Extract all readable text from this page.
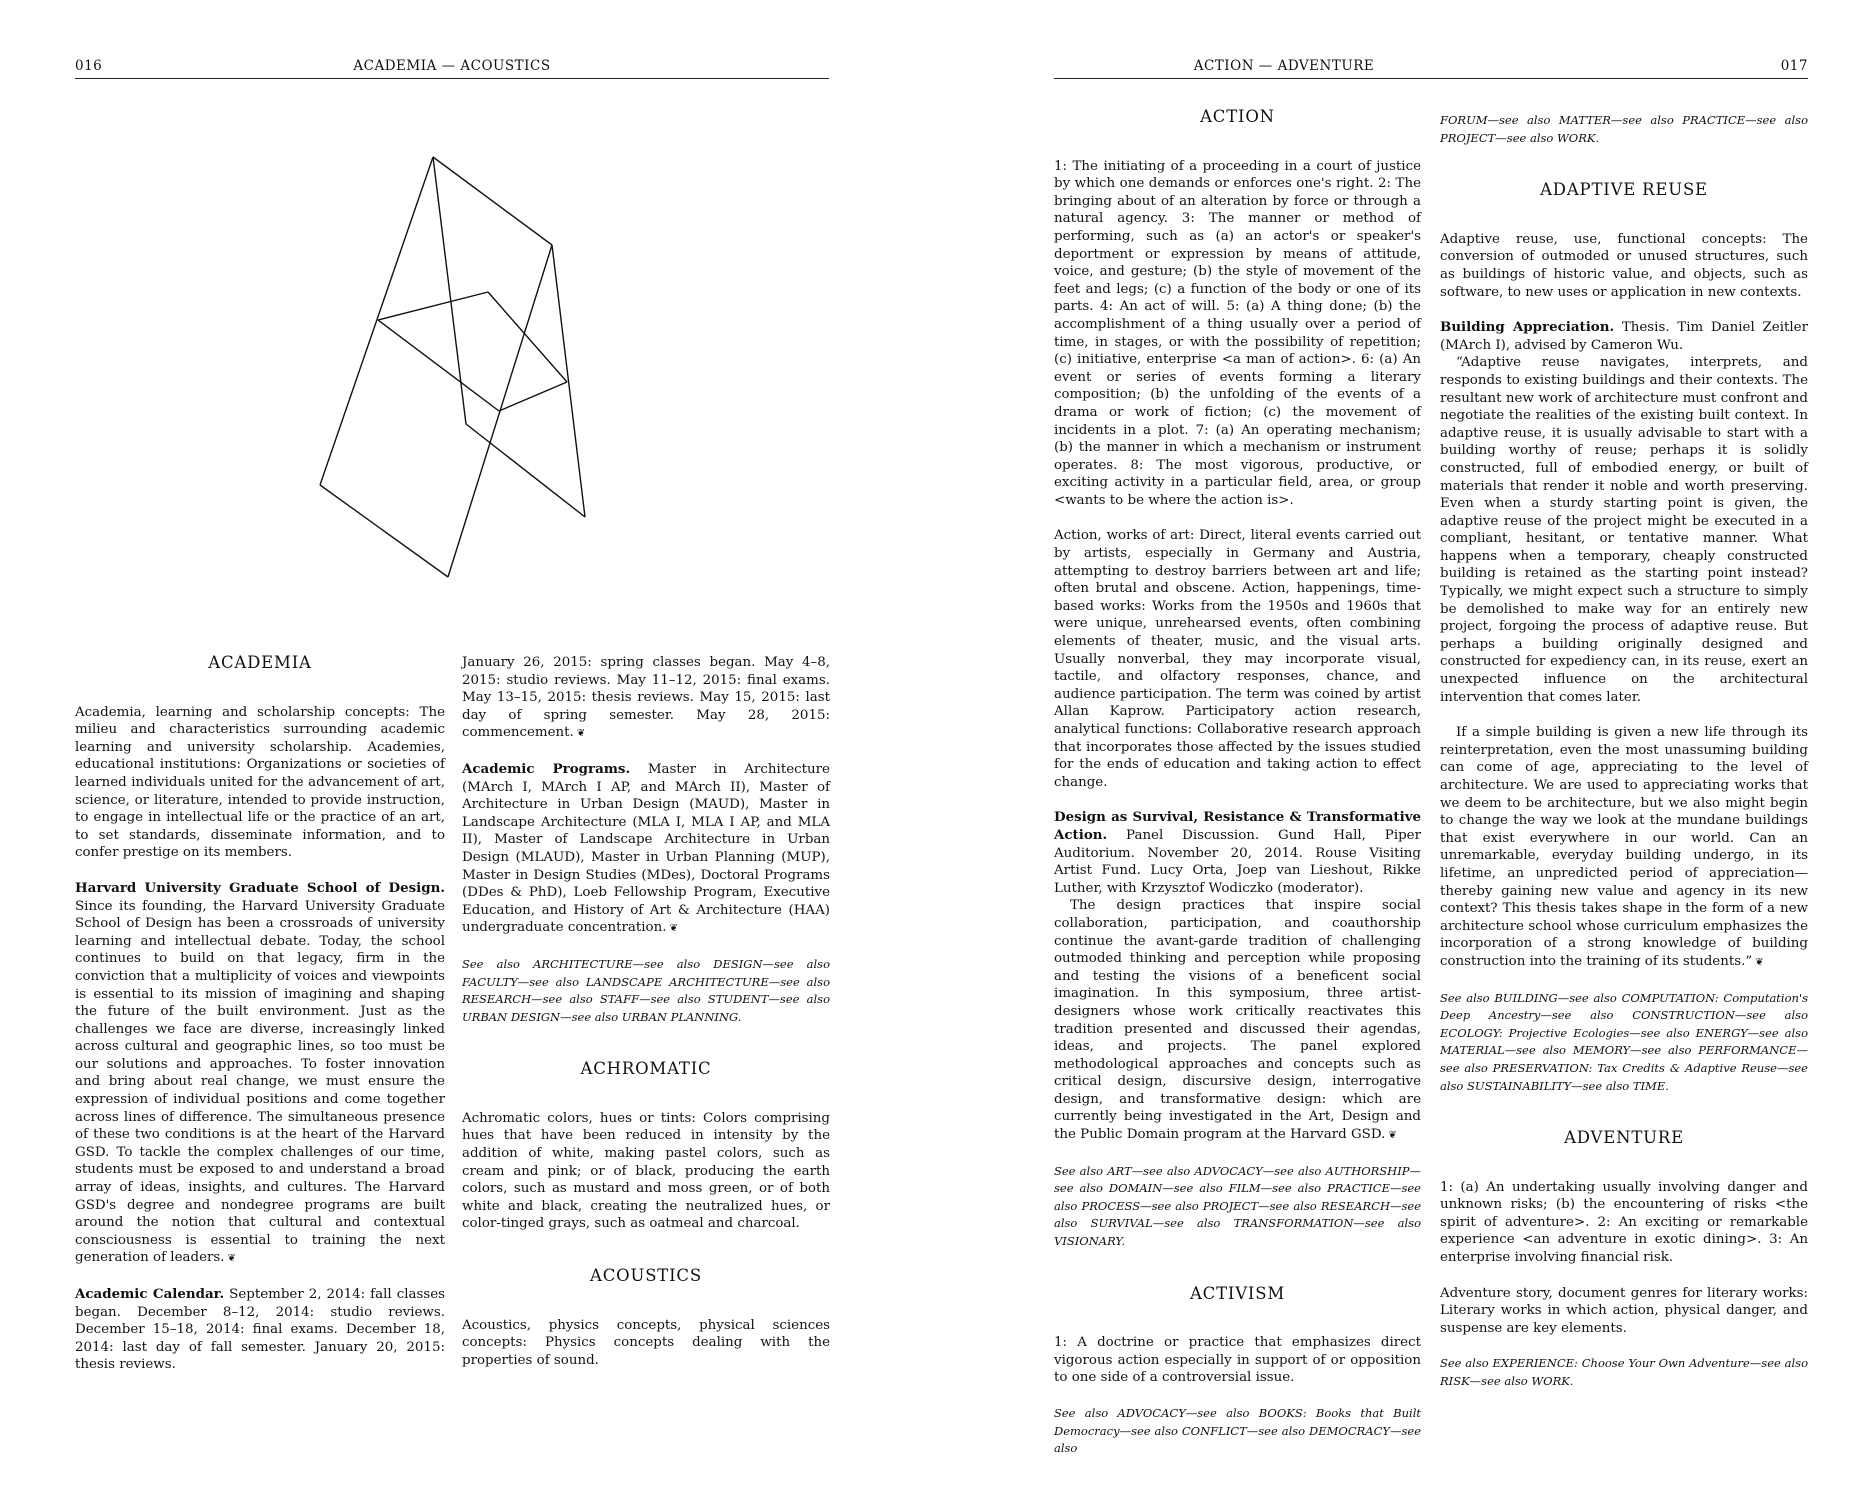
016	ACADEMIA — ACOUSTICS
ACADEMIA

Academia, learning and scholarship concepts: The milieu and characteristics surrounding academic learning and university scholarship. Academies, educational institutions: Organizations or societies of learned individuals united for the advancement of art, science, or literature, intended to provide instruction, to engage in intellectual life or the practice of an art, to set standards, disseminate information, and to confer prestige on its members.

Harvard University Graduate School of Design. Since its founding, the Harvard University Graduate School of Design has been a crossroads of university learning and intellectual debate. Today, the school continues to build on that legacy, firm in the conviction that a multiplicity of voices and viewpoints is essential to its mission of imagining and shaping the future of the built environment. Just as the challenges we face are diverse, increasingly linked across cultural and geographic lines, so too must be our solutions and approaches. To foster innovation and bring about real change, we must ensure the expression of individual positions and come together across lines of difference. The simultaneous presence of these two conditions is at the heart of the Harvard GSD. To tackle the complex challenges of our time, students must be exposed to and understand a broad array of ideas, insights, and cultures. The Harvard GSD's degree and nondegree programs are built around the notion that cultural and contextual consciousness is essential to training the next generation of leaders. ❦

Academic Calendar. September 2, 2014: fall classes began. December 8–12, 2014: studio reviews. December 15–18, 2014: final exams. December 18, 2014: last day of fall semester. January 20, 2015: thesis reviews.

January 26, 2015: spring classes began. May 4–8, 2015: studio reviews. May 11–12, 2015: final exams. May 13–15, 2015: thesis reviews. May 15, 2015: last day of spring semester. May 28, 2015: commencement. ❦

Academic Programs. Master in Architecture (MArch I, MArch I AP, and MArch II), Master of Architecture in Urban Design (MAUD), Master in Landscape Architecture (MLA I, MLA I AP, and MLA II), Master of Landscape Architecture in Urban Design (MLAUD), Master in Urban Planning (MUP), Master in Design Studies (MDes), Doctoral Programs (DDes & PhD), Loeb Fellowship Program, Executive Education, and History of Art & Architecture (HAA) undergraduate concentration. ❦

See also ARCHITECTURE—see also DESIGN—see also FACULTY—see also LANDSCAPE ARCHITECTURE—see also RESEARCH—see also STAFF—see also STUDENT—see also URBAN DESIGN—see also URBAN PLANNING.

ACHROMATIC

Achromatic colors, hues or tints: Colors comprising hues that have been reduced in intensity by the addition of white, making pastel colors, such as cream and pink; or of black, producing the earth colors, such as mustard and moss green, or of both white and black, creating the neutralized hues, or color-tinged grays, such as oatmeal and charcoal.

ACOUSTICS

Acoustics, physics concepts, physical sciences concepts: Physics concepts dealing with the properties of sound.

ACTION — ADVENTURE	017
ACTION

1: The initiating of a proceeding in a court of justice by which one demands or enforces one's right. 2: The bringing about of an alteration by force or through a natural agency. 3: The manner or method of performing, such as (a) an actor's or speaker's deportment or expression by means of attitude, voice, and gesture; (b) the style of movement of the feet and legs; (c) a function of the body or one of its parts. 4: An act of will. 5: (a) A thing done; (b) the accomplishment of a thing usually over a period of time, in stages, or with the possibility of repetition; (c) initiative, enterprise <a man of action>. 6: (a) An event or series of events forming a literary composition; (b) the unfolding of the events of a drama or work of fiction; (c) the movement of incidents in a plot. 7: (a) An operating mechanism; (b) the manner in which a mechanism or instrument operates. 8: The most vigorous, productive, or exciting activity in a particular field, area, or group <wants to be where the action is>.

Action, works of art: Direct, literal events carried out by artists, especially in Germany and Austria, attempting to destroy barriers between art and life; often brutal and obscene. Action, happenings, time-based works: Works from the 1950s and 1960s that were unique, unrehearsed events, often combining elements of theater, music, and the visual arts. Usually nonverbal, they may incorporate visual, tactile, and olfactory responses, chance, and audience participation. The term was coined by artist Allan Kaprow. Participatory action research, analytical functions: Collaborative research approach that incorporates those affected by the issues studied for the ends of education and taking action to effect change.

Design as Survival, Resistance & Transformative Action. Panel Discussion. Gund Hall, Piper Auditorium. November 20, 2014. Rouse Visiting Artist Fund. Lucy Orta, Joep van Lieshout, Rikke Luther, with Krzysztof Wodiczko (moderator).

The design practices that inspire social collaboration, participation, and coauthorship continue the avant-garde tradition of challenging outmoded thinking and perception while proposing and testing the visions of a beneficent social imagination. In this symposium, three artist-designers whose work critically reactivates this tradition presented and discussed their agendas, ideas, and projects. The panel explored methodological approaches and concepts such as critical design, discursive design, interrogative design, and transformative design: which are currently being investigated in the Art, Design and the Public Domain program at the Harvard GSD. ❦

See also ART—see also ADVOCACY—see also AUTHORSHIP—see also DOMAIN—see also FILM—see also PRACTICE—see also PROCESS—see also PROJECT—see also RESEARCH—see also SURVIVAL—see also TRANSFORMATION—see also VISIONARY.

ACTIVISM

1: A doctrine or practice that emphasizes direct vigorous action especially in support of or opposition to one side of a controversial issue.

See also ADVOCACY—see also BOOKS: Books that Built Democracy—see also CONFLICT—see also DEMOCRACY—see also

FORUM—see also MATTER—see also PRACTICE—see also PROJECT—see also WORK.

ADAPTIVE REUSE

Adaptive reuse, use, functional concepts: The conversion of outmoded or unused structures, such as buildings of historic value, and objects, such as software, to new uses or application in new contexts.

Building Appreciation. Thesis. Tim Daniel Zeitler (MArch I), advised by Cameron Wu.

“Adaptive reuse navigates, interprets, and responds to existing buildings and their contexts. The resultant new work of architecture must confront and negotiate the realities of the existing built context. In adaptive reuse, it is usually advisable to start with a building worthy of reuse; perhaps it is solidly constructed, full of embodied energy, or built of materials that render it noble and worth preserving. Even when a sturdy starting point is given, the adaptive reuse of the project might be executed in a compliant, hesitant, or tentative manner. What happens when a temporary, cheaply constructed building is retained as the starting point instead? Typically, we might expect such a structure to simply be demolished to make way for an entirely new project, forgoing the process of adaptive reuse. But perhaps a building originally designed and constructed for expediency can, in its reuse, exert an unexpected influence on the architectural intervention that comes later.

If a simple building is given a new life through its reinterpretation, even the most unassuming building can come of age, appreciating to the level of architecture. We are used to appreciating works that we deem to be architecture, but we also might begin to change the way we look at the mundane buildings that exist everywhere in our world. Can an unremarkable, everyday building undergo, in its lifetime, an unpredicted period of appreciation—thereby gaining new value and agency in its new context? This thesis takes shape in the form of a new architecture school whose curriculum emphasizes the incorporation of a strong knowledge of building construction into the training of its students.” ❦

See also BUILDING—see also COMPUTATION: Computation's Deep Ancestry—see also CONSTRUCTION—see also ECOLOGY: Projective Ecologies—see also ENERGY—see also MATERIAL—see also MEMORY—see also PERFORMANCE—see also PRESERVATION: Tax Credits & Adaptive Reuse—see also SUSTAINABILITY—see also TIME.

ADVENTURE

1: (a) An undertaking usually involving danger and unknown risks; (b) the encountering of risks <the spirit of adventure>. 2: An exciting or remarkable experience <an adventure in exotic dining>. 3: An enterprise involving financial risk.

Adventure story, document genres for literary works: Literary works in which action, physical danger, and suspense are key elements.

See also EXPERIENCE: Choose Your Own Adventure—see also RISK—see also WORK.
